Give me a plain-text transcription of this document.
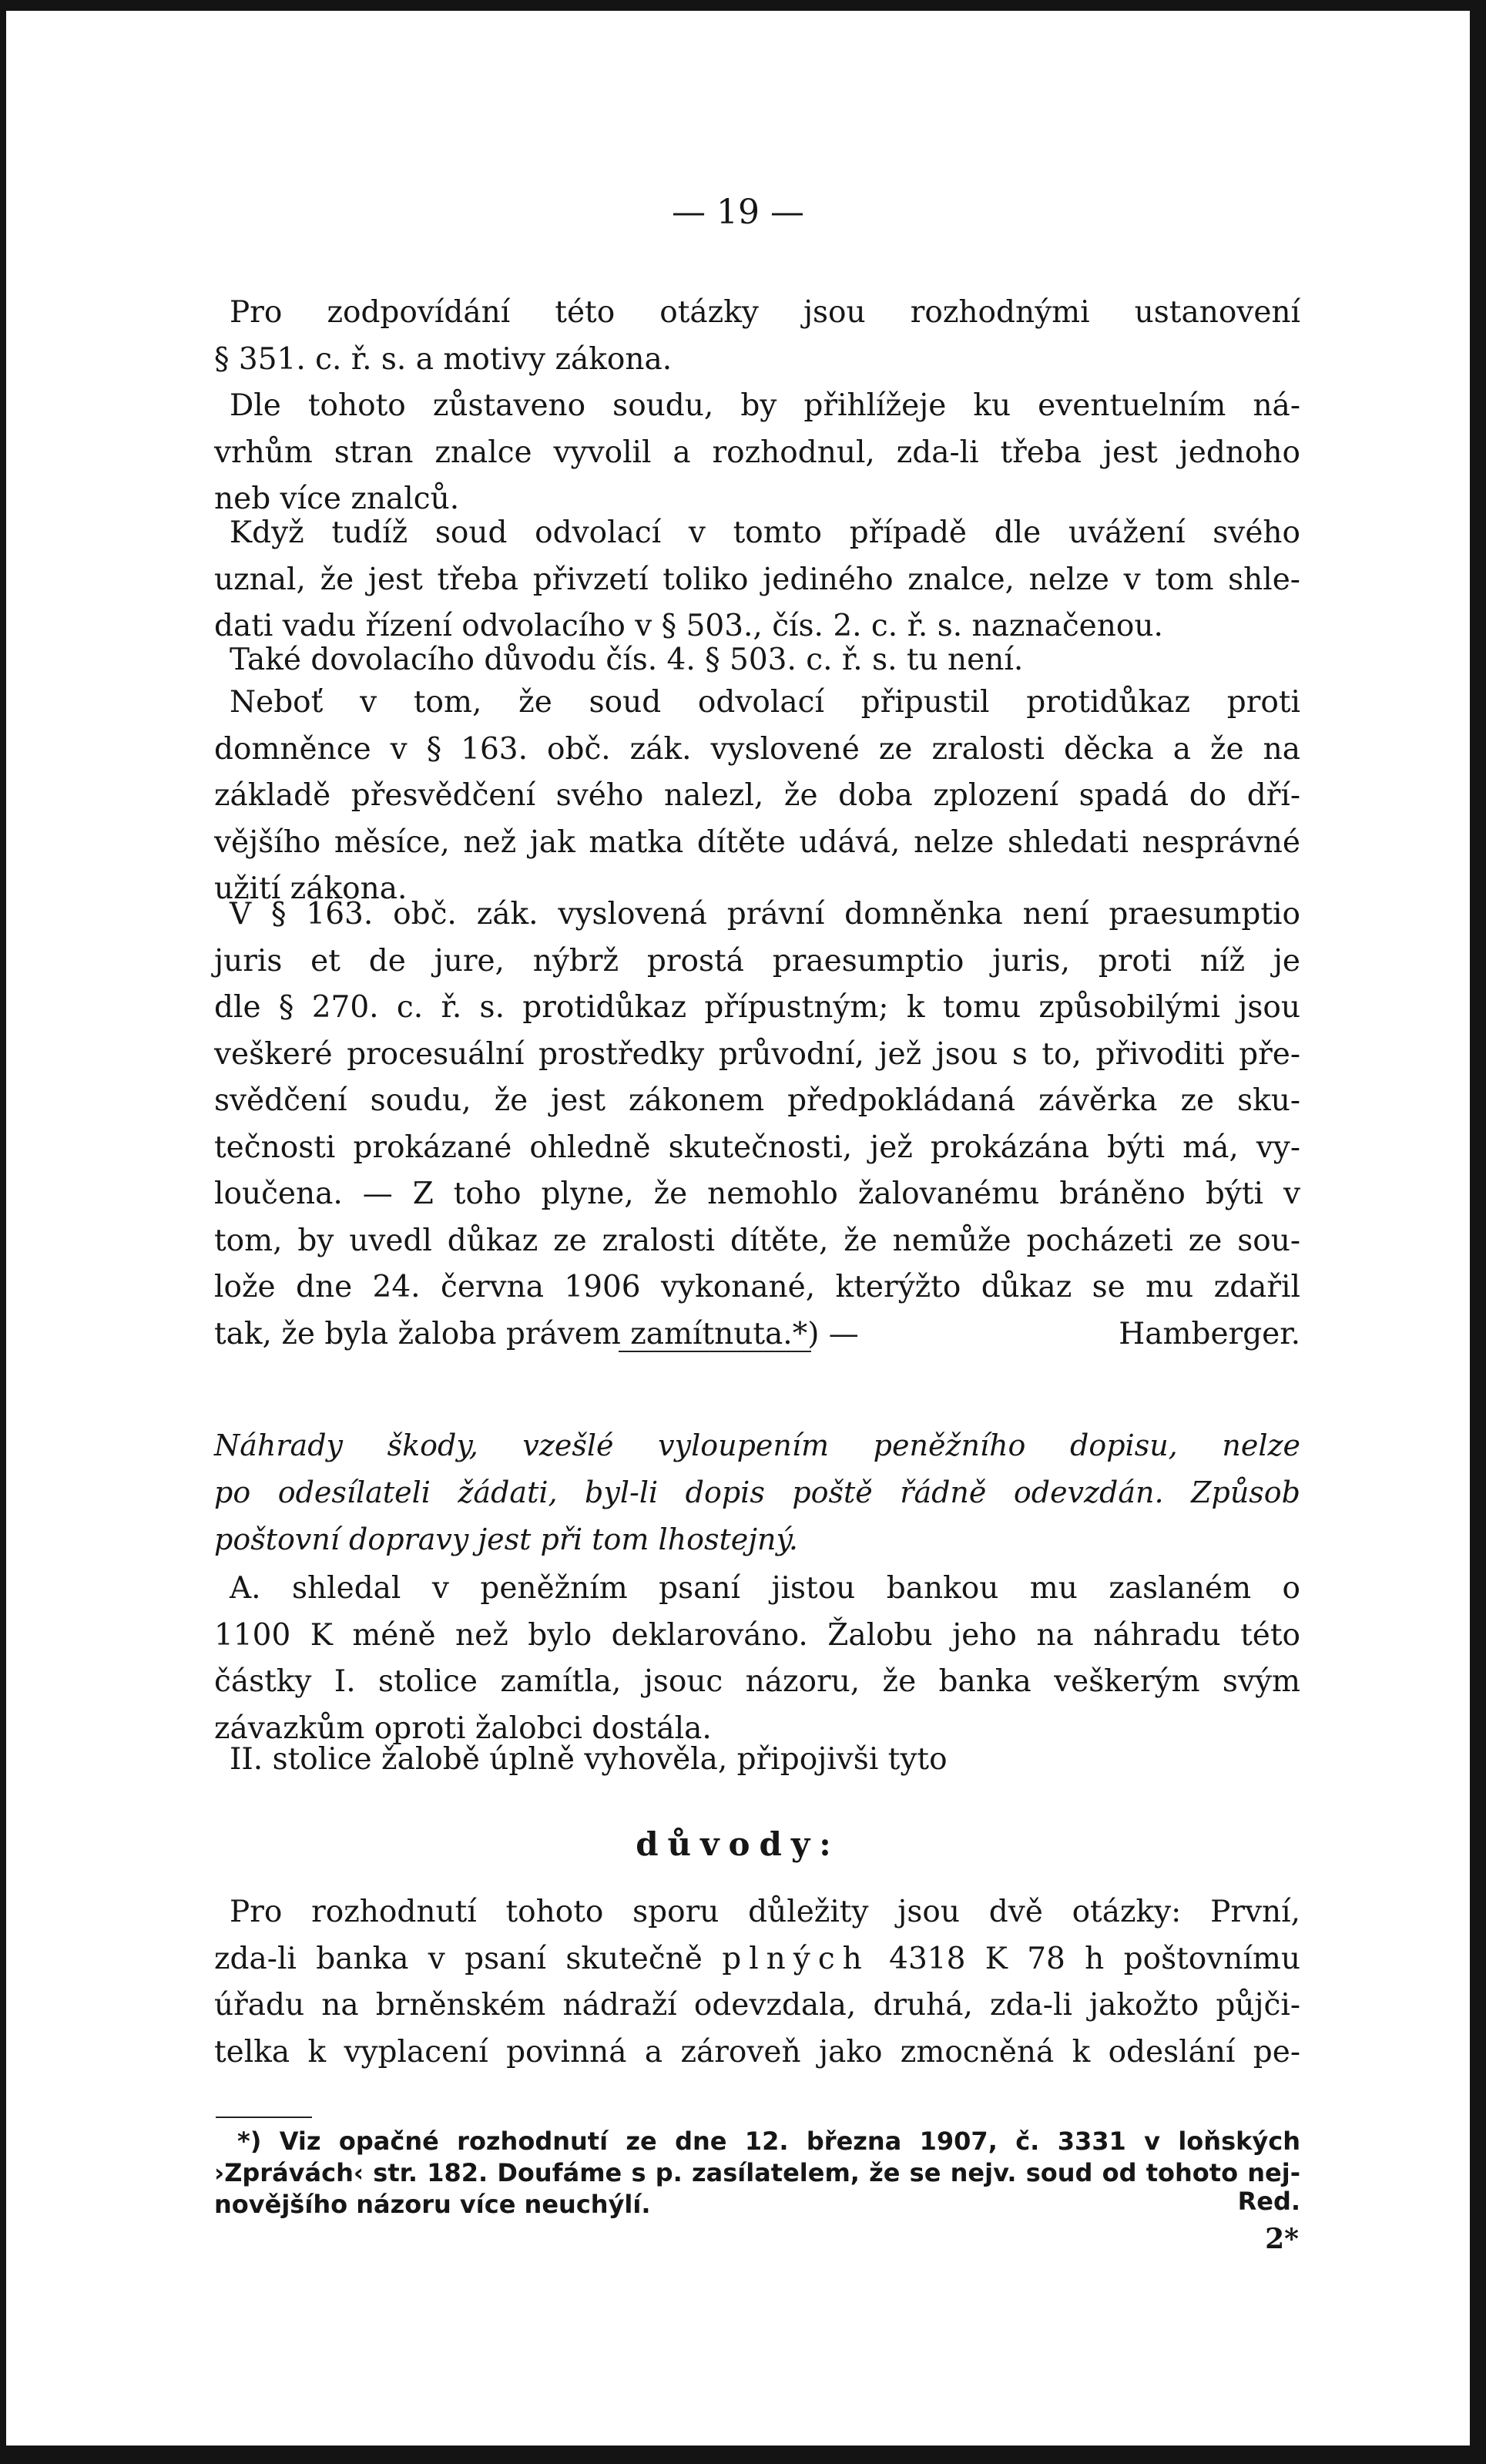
— 19 —
Pro zodpovídání této otázky jsou rozhodnými ustanovení
§ 351. c. ř. s. a motivy zákona.
Dle tohoto zůstaveno soudu, by přihlížeje ku eventuelním ná-
vrhům stran znalce vyvolil a rozhodnul, zda-li třeba jest jednoho
neb více znalců.
Když tudíž soud odvolací v tomto případě dle uvážení svého
uznal, že jest třeba přivzetí toliko jediného znalce, nelze v tom shle-
dati vadu řízení odvolacího v § 503., čís. 2. c. ř. s. naznačenou.
Také dovolacího důvodu čís. 4. § 503. c. ř. s. tu není.
Neboť v tom, že soud odvolací připustil protidůkaz proti
domněnce v § 163. obč. zák. vyslovené ze zralosti děcka a že na
základě přesvědčení svého nalezl, že doba zplození spadá do dří-
vějšího měsíce, než jak matka dítěte udává, nelze shledati nesprávné
užití zákona.
V § 163. obč. zák. vyslovená právní domněnka není praesumptio
juris et de jure, nýbrž prostá praesumptio juris, proti níž je
dle § 270. c. ř. s. protidůkaz přípustným; k tomu způsobilými jsou
veškeré procesuální prostředky průvodní, jež jsou s to, přivoditi pře-
svědčení soudu, že jest zákonem předpokládaná závěrka ze sku-
tečnosti prokázané ohledně skutečnosti, jež prokázána býti má, vy-
loučena. — Z toho plyne, že nemohlo žalovanému bráněno býti v
tom, by uvedl důkaz ze zralosti dítěte, že nemůže pocházeti ze sou-
lože dne 24. června 1906 vykonané, kterýžto důkaz se mu zdařil
tak, že byla žaloba právem zamítnuta.*) —	Hamberger.
Náhrady škody, vzešlé vyloupením peněžního dopisu, nelze
po odesílateli žádati, byl-li dopis poště řádně odevzdán. Způsob
poštovní dopravy jest při tom lhostejný.
A. shledal v peněžním psaní jistou bankou mu zaslaném o
1100 K méně než bylo deklarováno. Žalobu jeho na náhradu této
částky I. stolice zamítla, jsouc názoru, že banka veškerým svým
závazkům oproti žalobci dostála.
II. stolice žalobě úplně vyhověla, připojivši tyto
důvody:
Pro rozhodnutí tohoto sporu důležity jsou dvě otázky: První,
zda-li banka v psaní skutečně plných 4318 K 78 h poštovnímu
úřadu na brněnském nádraží odevzdala, druhá, zda-li jakožto půjči-
telka k vyplacení povinná a zároveň jako zmocněná k odeslání pe-
*) Viz opačné rozhodnutí ze dne 12. března 1907, č. 3331 v loňských
›Zprávách‹ str. 182. Doufáme s p. zasílatelem, že se nejv. soud od tohoto nej-
novějšího názoru více neuchýlí.	Red.
2*
